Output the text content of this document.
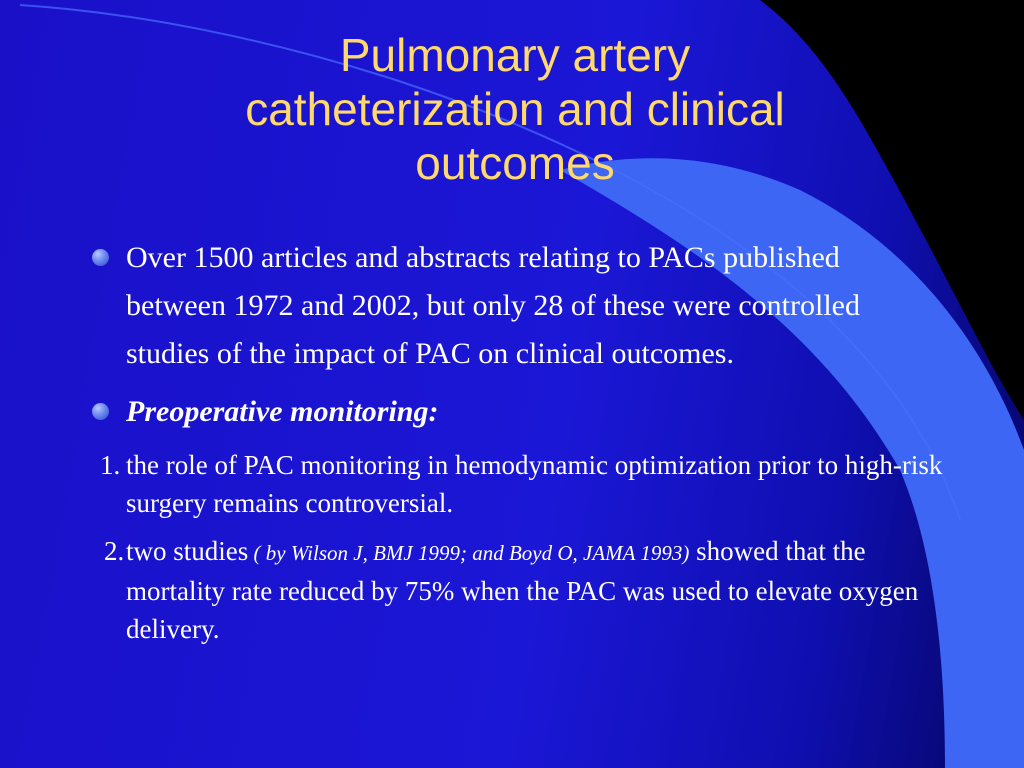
Pulmonary artery
catheterization and clinical
outcomes
Over 1500 articles and abstracts relating to PACs published between 1972 and 2002, but only 28 of these were controlled studies of the impact of PAC on clinical outcomes.
Preoperative monitoring:
1. the role of PAC monitoring in hemodynamic optimization prior to high-risk surgery remains controversial.
2. two studies ( by Wilson J, BMJ 1999; and Boyd O, JAMA 1993) showed that the mortality rate reduced by 75% when the PAC was used to elevate oxygen delivery.
